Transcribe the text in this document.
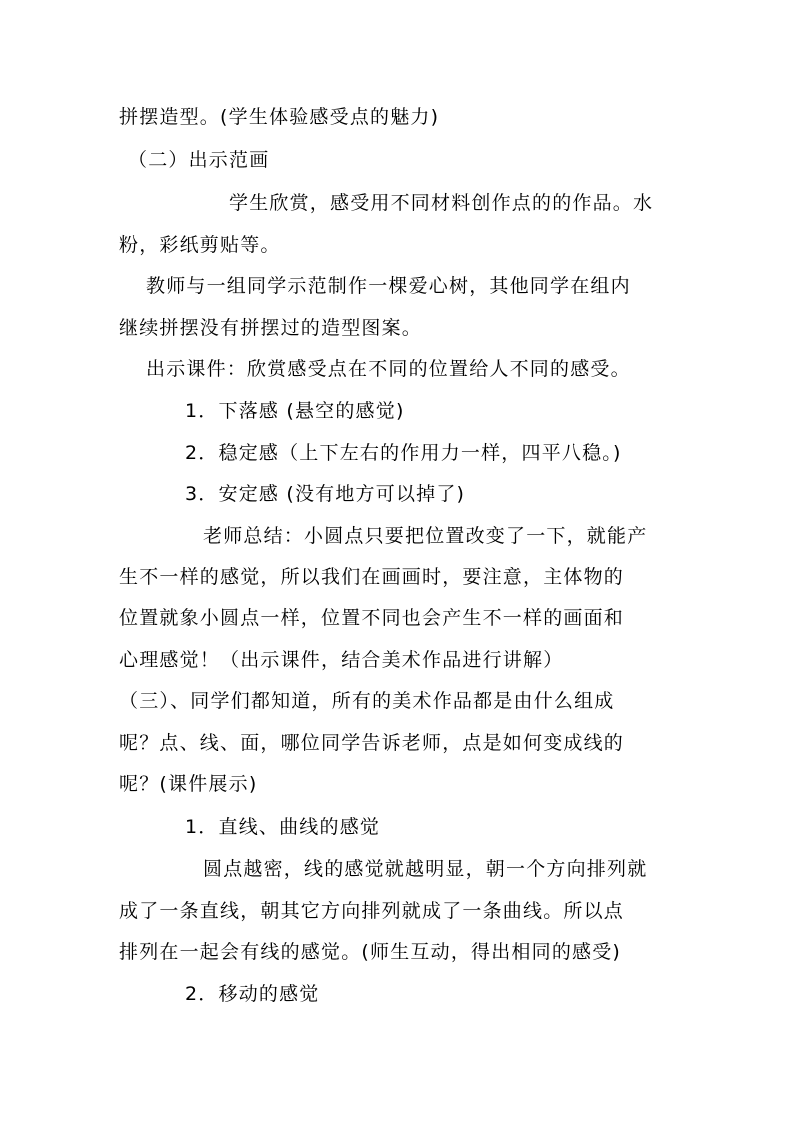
拼摆造型。(学生体验感受点的魅力)
（二）出示范画
学生欣赏，感受用不同材料创作点的的作品。水
粉，彩纸剪贴等。
教师与一组同学示范制作一棵爱心树，其他同学在组内
继续拼摆没有拼摆过的造型图案。
出示课件：欣赏感受点在不同的位置给人不同的感受。
1．下落感 (悬空的感觉)
2．稳定感（上下左右的作用力一样，四平八稳。)
3．安定感 (没有地方可以掉了)
老师总结：小圆点只要把位置改变了一下，就能产
生不一样的感觉，所以我们在画画时，要注意，主体物的
位置就象小圆点一样，位置不同也会产生不一样的画面和
心理感觉！（出示课件，结合美术作品进行讲解）
（三）、同学们都知道，所有的美术作品都是由什么组成
呢？点、线、面，哪位同学告诉老师，点是如何变成线的
呢？(课件展示)
1．直线、曲线的感觉
圆点越密，线的感觉就越明显，朝一个方向排列就
成了一条直线，朝其它方向排列就成了一条曲线。所以点
排列在一起会有线的感觉。(师生互动，得出相同的感受)
2．移动的感觉
